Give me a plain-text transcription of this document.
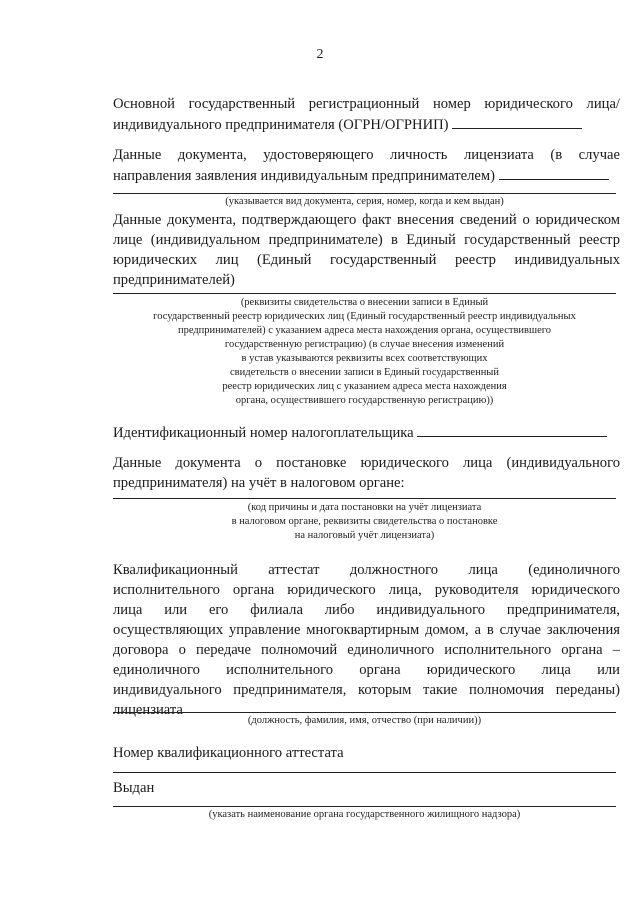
2
Основной государственный регистрационный номер юридического лица/
индивидуального предпринимателя (ОГРН/ОГРНИП)
Данные документа, удостоверяющего личность лицензиата (в случае
направления заявления индивидуальным предпринимателем)
(указывается вид документа, серия, номер, когда и кем выдан)
Данные документа, подтверждающего факт внесения сведений о юридическом
лице (индивидуальном предпринимателе) в Единый государственный реестр
юридических лиц (Единый государственный реестр индивидуальных
предпринимателей)
(реквизиты свидетельства о внесении записи в Единый
государственный реестр юридических лиц (Единый государственный реестр индивидуальных
предпринимателей) с указанием адреса места нахождения органа, осуществившего
государственную регистрацию) (в случае внесения изменений
в устав указываются реквизиты всех соответствующих
свидетельств о внесении записи в Единый государственный
реестр юридических лиц с указанием адреса места нахождения
органа, осуществившего государственную регистрацию))
Идентификационный номер налогоплательщика
Данные документа о постановке юридического лица (индивидуального
предпринимателя) на учёт в налоговом органе:
(код причины и дата постановки на учёт лицензиата
в налоговом органе, реквизиты свидетельства о постановке
на налоговый учёт лицензиата)
Квалификационный аттестат должностного лица (единоличного
исполнительного органа юридического лица, руководителя юридического
лица или его филиала либо индивидуального предпринимателя,
осуществляющих управление многоквартирным домом, а в случае заключения
договора о передаче полномочий единоличного исполнительного органа –
единоличного исполнительного органа юридического лица или
индивидуального предпринимателя, которым такие полномочия переданы)
лицензиата
(должность, фамилия, имя, отчество (при наличии))
Номер квалификационного аттестата
Выдан
(указать наименование органа государственного жилищного надзора)
